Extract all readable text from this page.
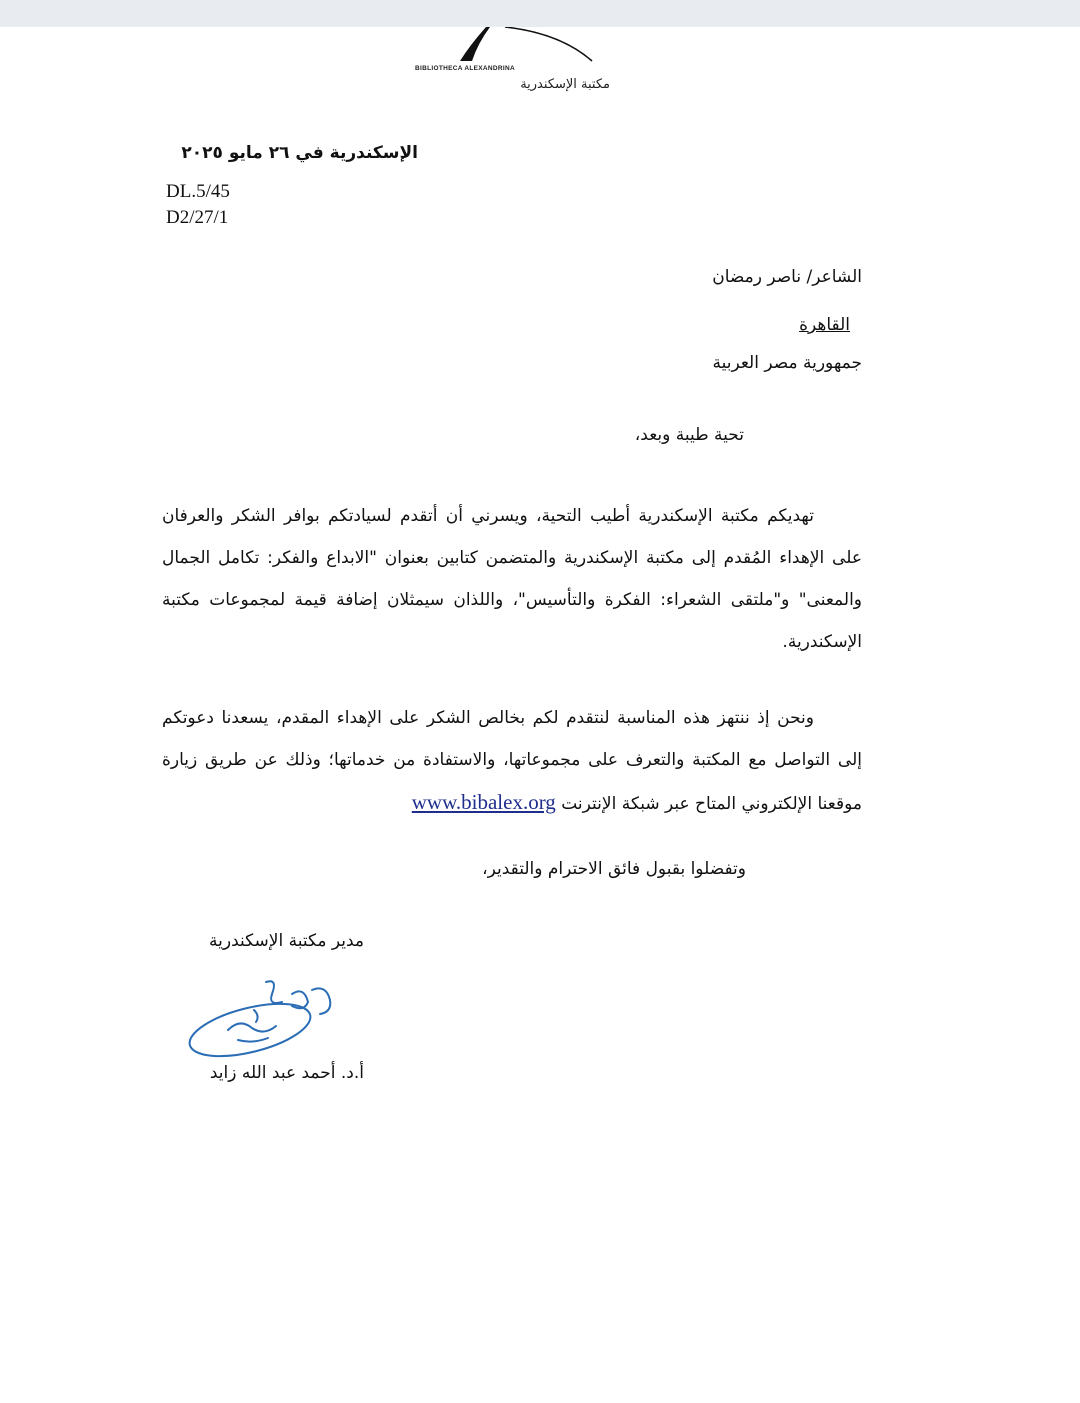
BIBLIOTHECA ALEXANDRINA
مكتبة الإسكندرية
الإسكندرية في ٢٦ مايو ٢٠٢٥
DL.5/45
D2/27/1
الشاعر/ ناصر رمضان
القاهرة
جمهورية مصر العربية
تحية طيبة وبعد،
تهديكم مكتبة الإسكندرية أطيب التحية، ويسرني أن أتقدم لسيادتكم بوافر الشكر والعرفان على الإهداء المُقدم إلى مكتبة الإسكندرية والمتضمن كتابين بعنوان "الابداع والفكر: تكامل الجمال والمعنى" و"ملتقى الشعراء: الفكرة والتأسيس"، واللذان سيمثلان إضافة قيمة لمجموعات مكتبة الإسكندرية.
ونحن إذ ننتهز هذه المناسبة لنتقدم لكم بخالص الشكر على الإهداء المقدم، يسعدنا دعوتكم إلى التواصل مع المكتبة والتعرف على مجموعاتها، والاستفادة من خدماتها؛ وذلك عن طريق زيارة موقعنا الإلكتروني المتاح عبر شبكة الإنترنت www.bibalex.org
وتفضلوا بقبول فائق الاحترام والتقدير،
مدير مكتبة الإسكندرية
أ.د. أحمد عبد الله زايد
